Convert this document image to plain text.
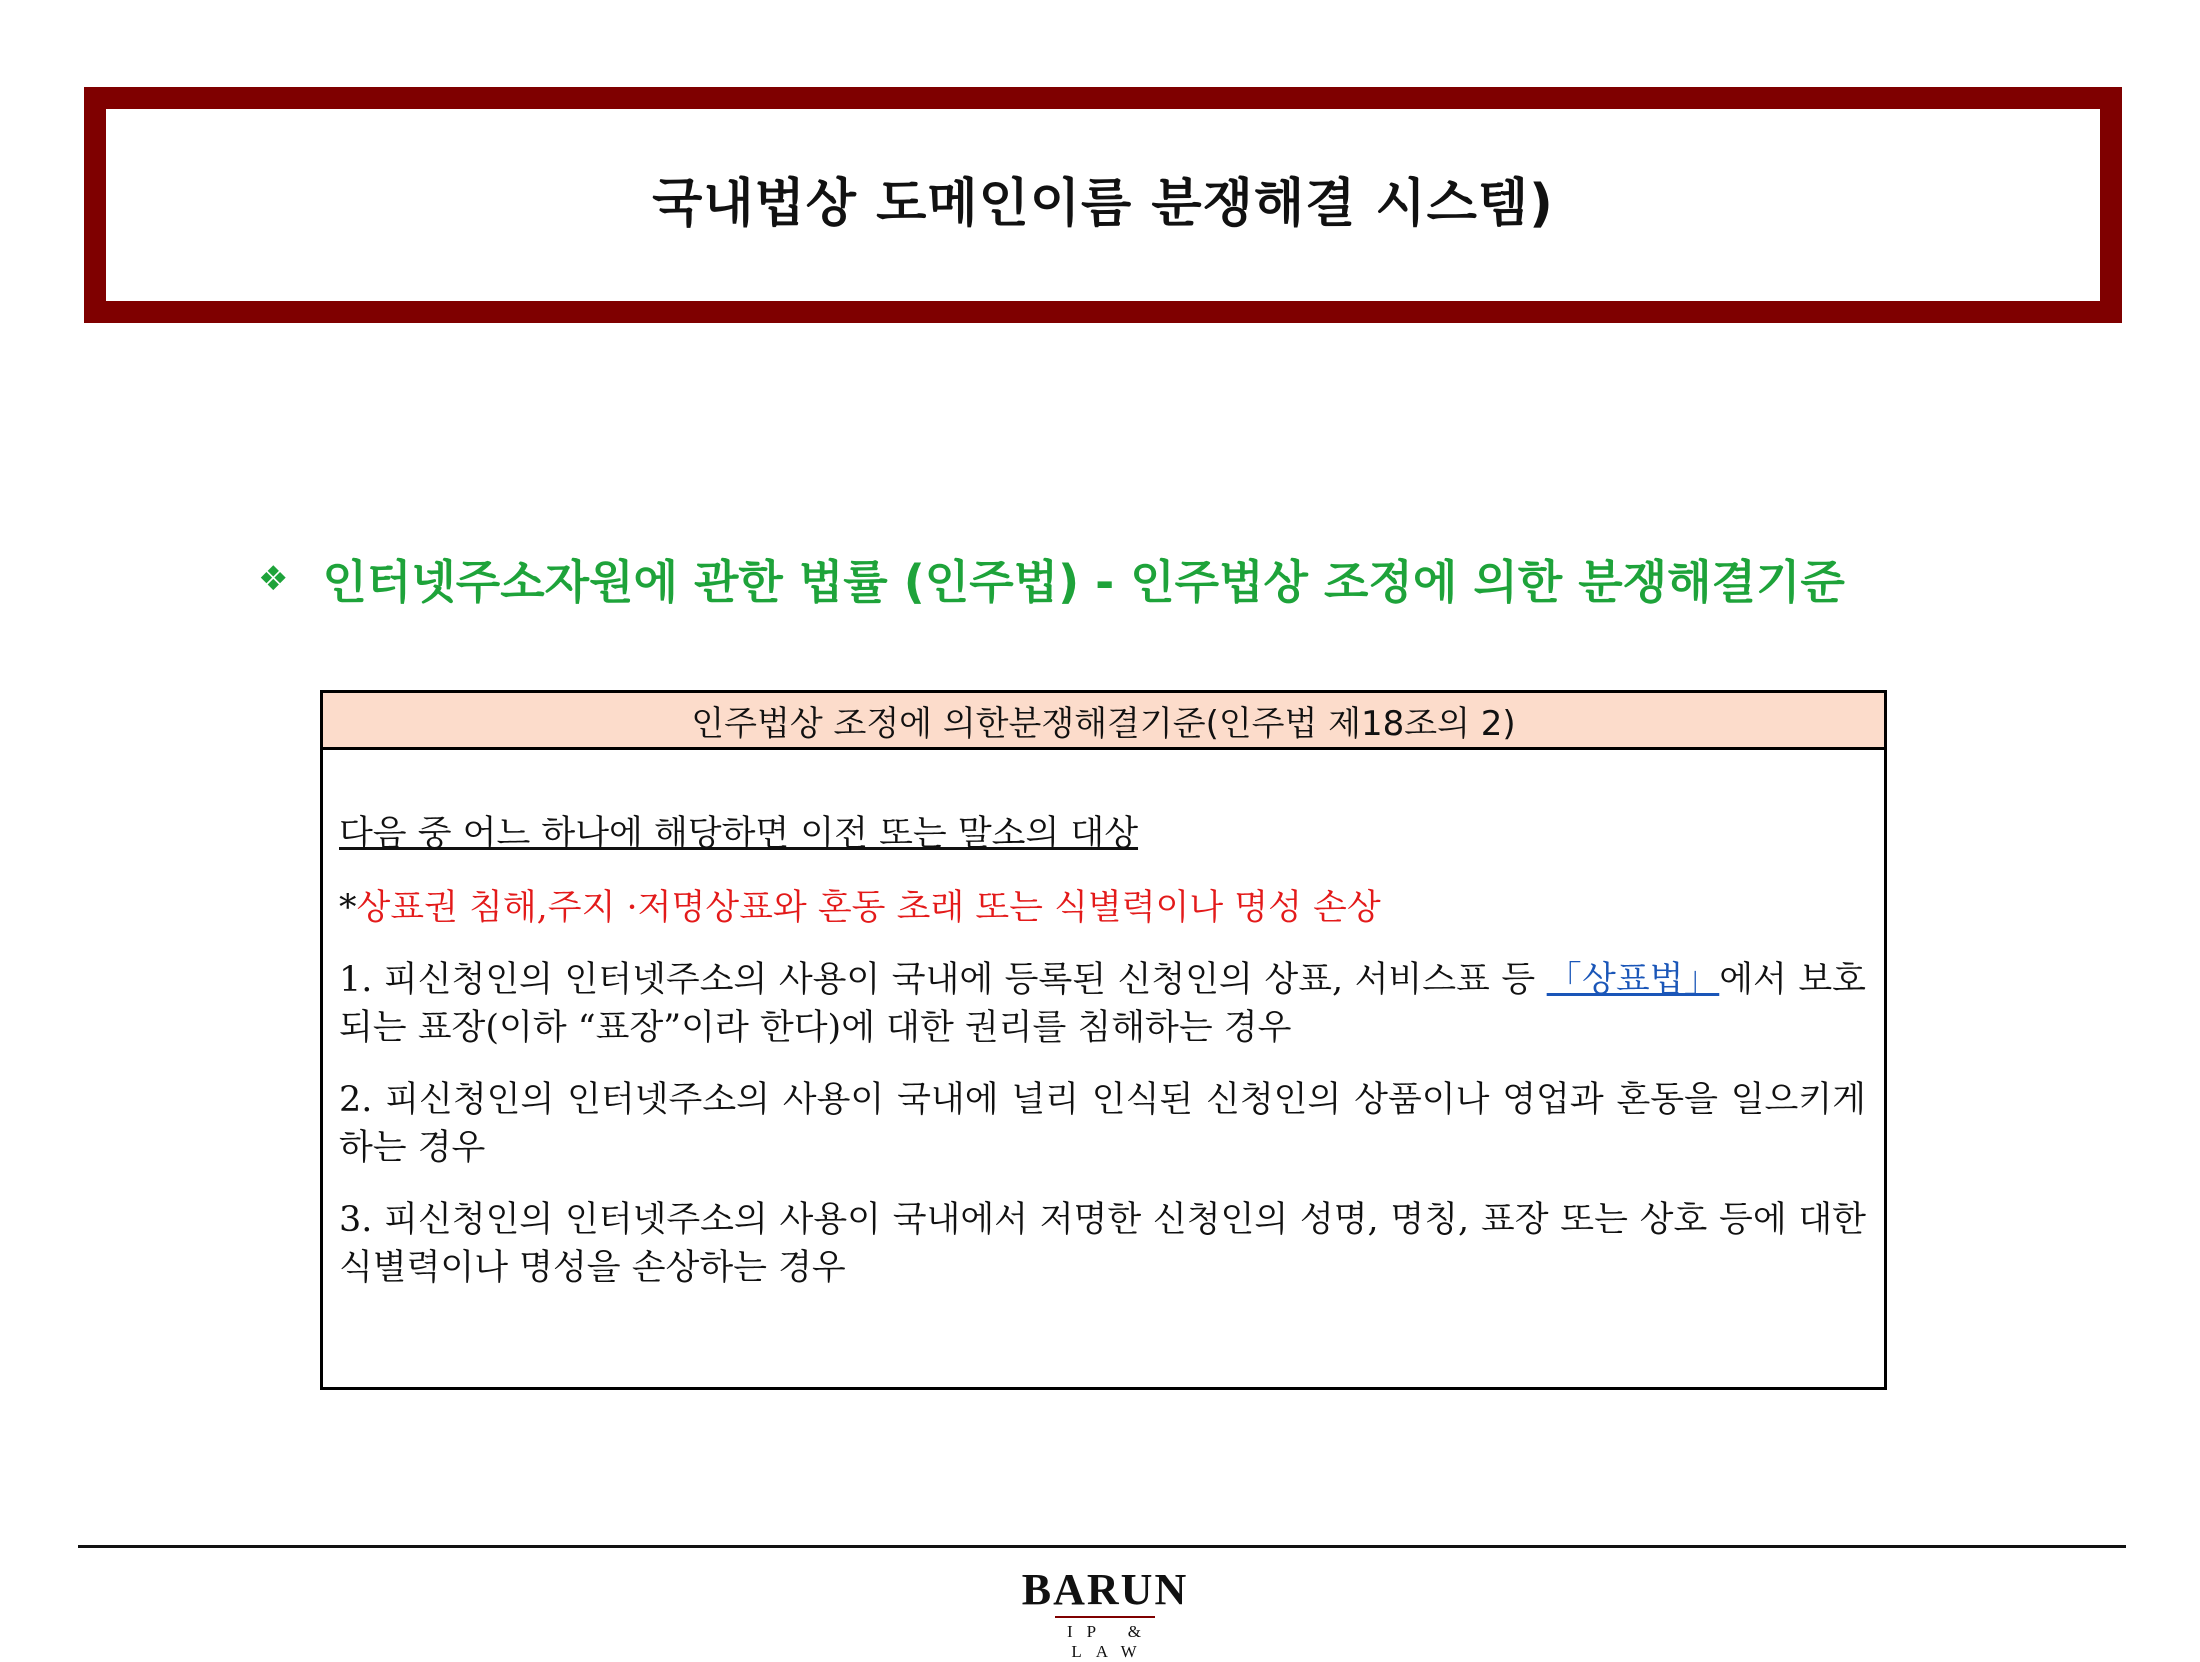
국내법상 도메인이름 분쟁해결 시스템)
❖ 인터넷주소자원에 관한 법률 (인주법) - 인주법상 조정에 의한 분쟁해결기준
인주법상 조정에 의한분쟁해결기준(인주법 제18조의 2)
다음 중 어느 하나에 해당하면 이전 또는 말소의 대상
*상표권 침해,주지 ·저명상표와 혼동 초래 또는 식별력이나 명성 손상
1. 피신청인의 인터넷주소의 사용이 국내에 등록된 신청인의 상표, 서비스표 등 「상표법」에서 보호되는 표장(이하 “표장”이라 한다)에 대한 권리를 침해하는 경우
2. 피신청인의 인터넷주소의 사용이 국내에 널리 인식된 신청인의 상품이나 영업과 혼동을 일으키게 하는 경우
3. 피신청인의 인터넷주소의 사용이 국내에서 저명한 신청인의 성명, 명칭, 표장 또는 상호 등에 대한 식별력이나 명성을 손상하는 경우
BARUN
IP & LAW
